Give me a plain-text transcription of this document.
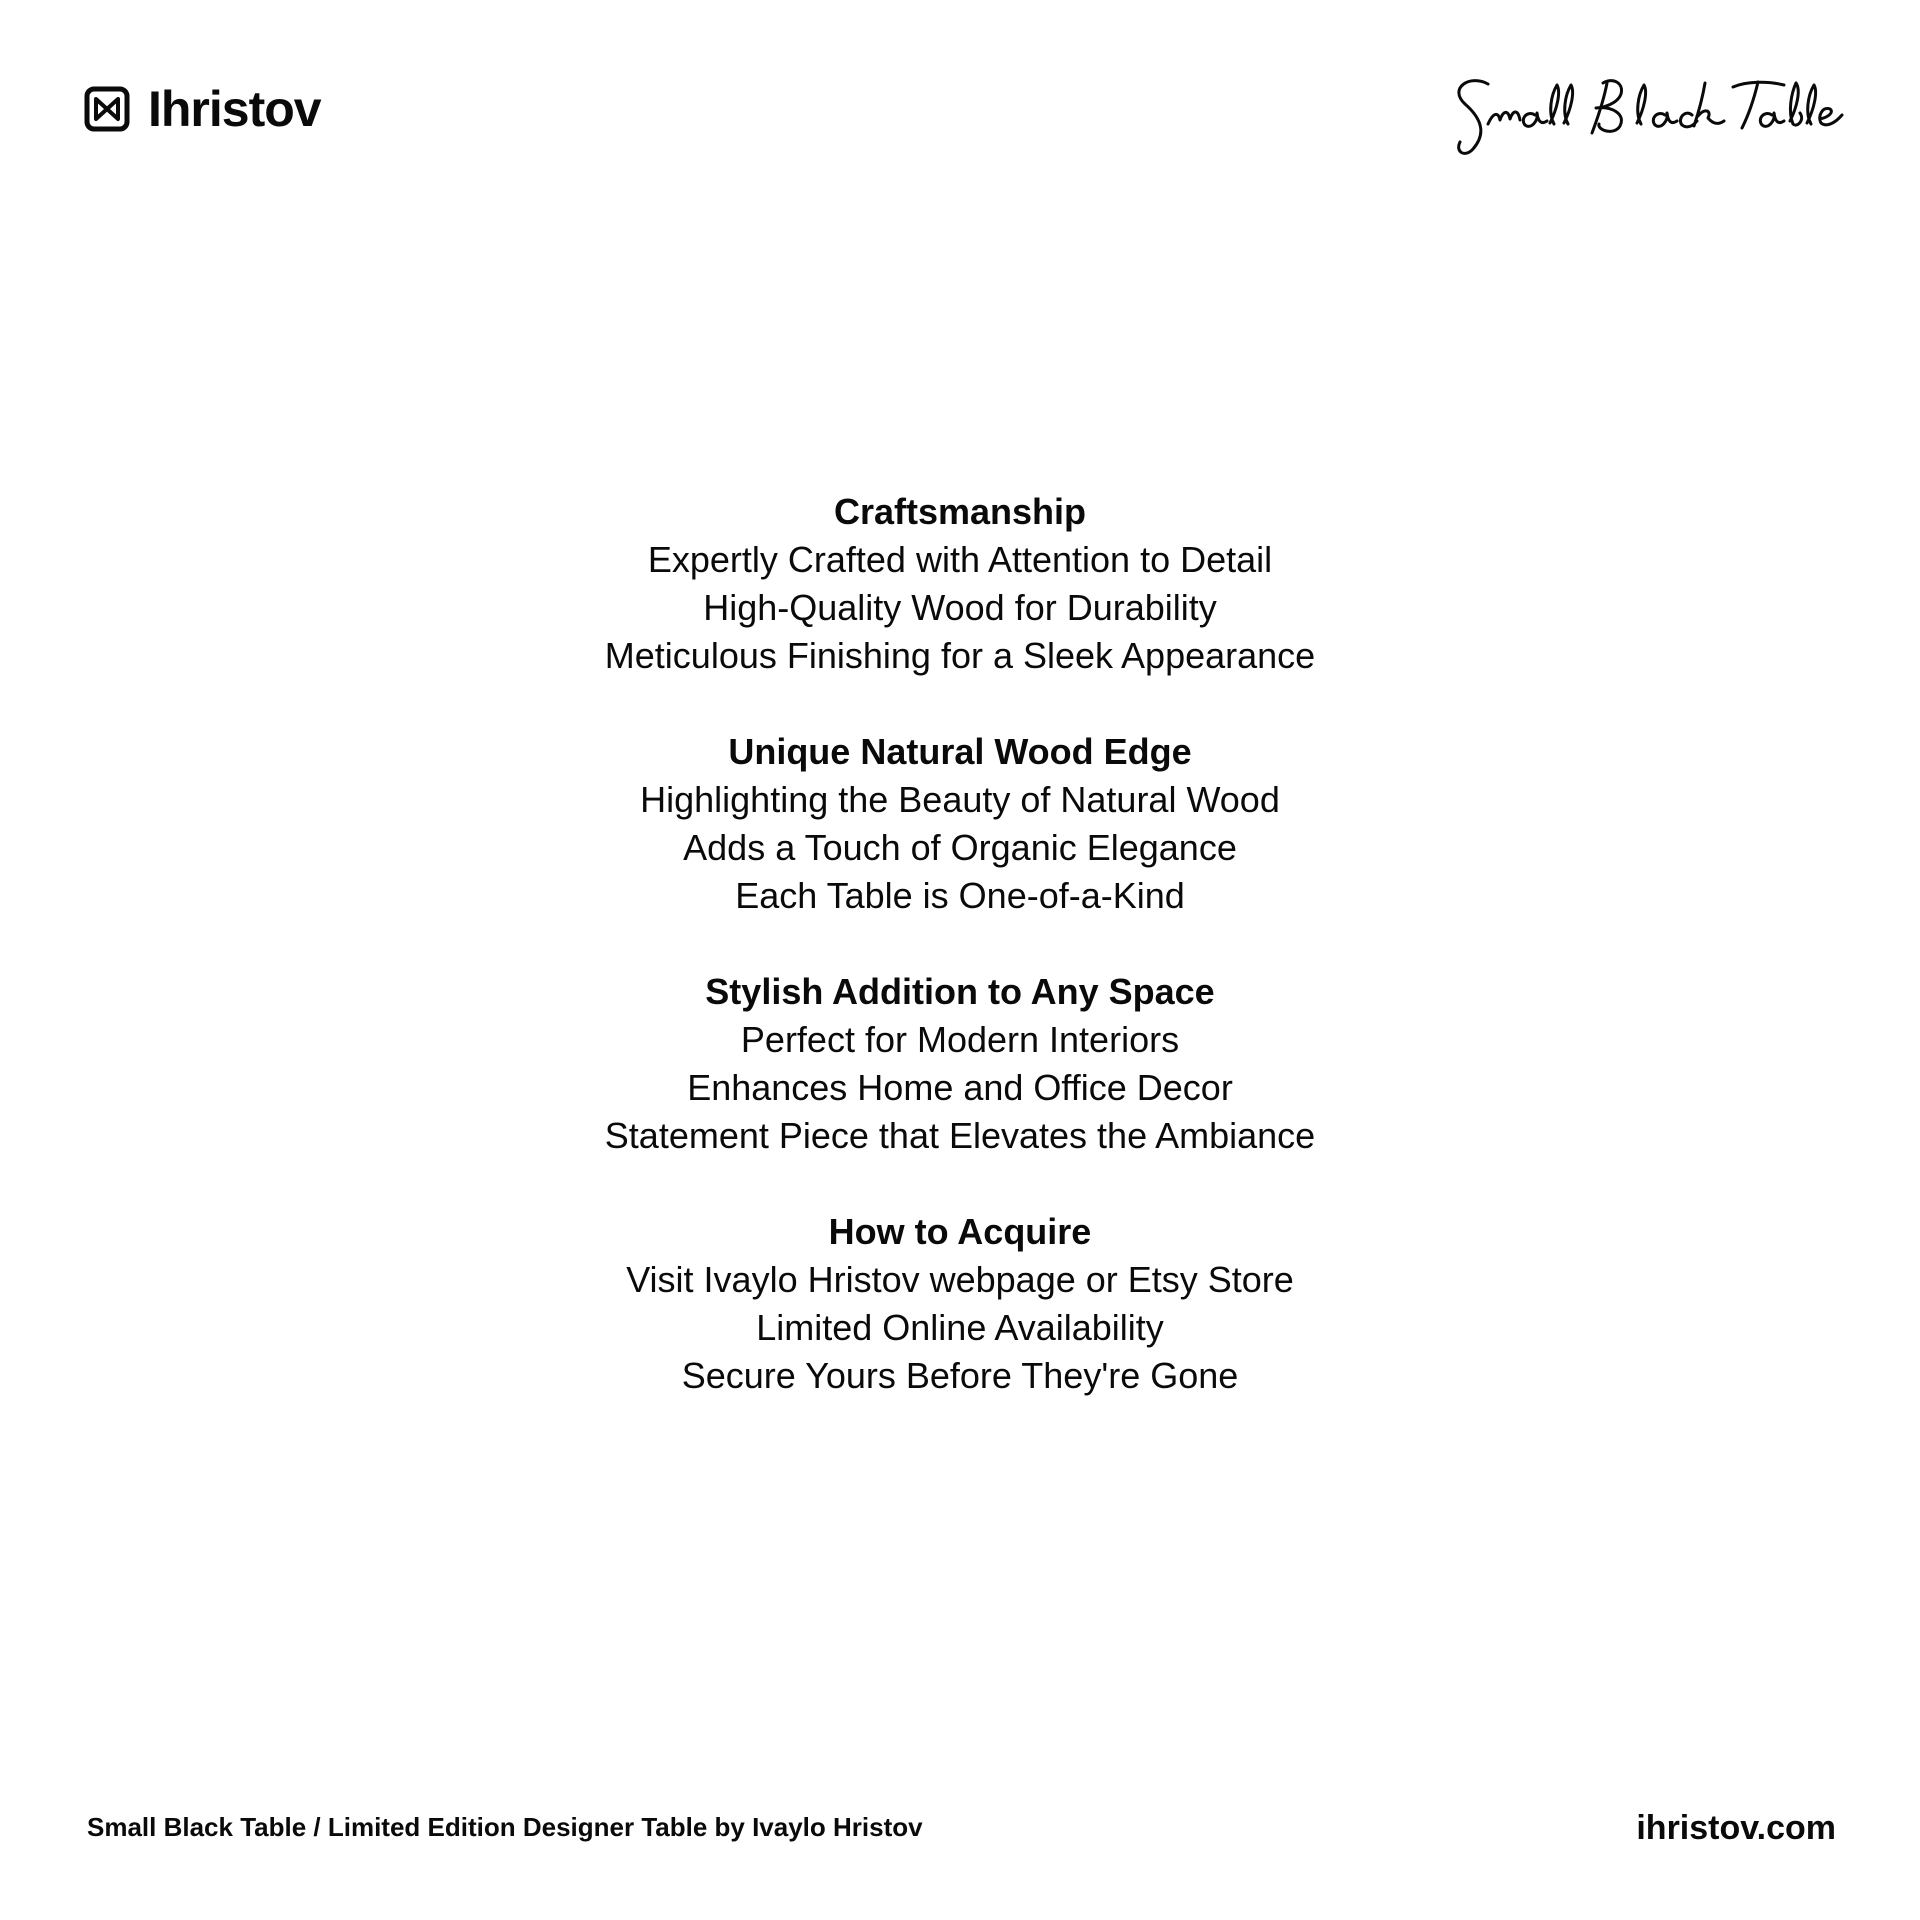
Ihristov

Craftsmanship

Expertly Crafted with Attention to Detail

High-Quality Wood for Durability

Meticulous Finishing for a Sleek Appearance

Unique Natural Wood Edge

Highlighting the Beauty of Natural Wood

Adds a Touch of Organic Elegance

Each Table is One-of-a-Kind

Stylish Addition to Any Space

Perfect for Modern Interiors

Enhances Home and Office Decor

Statement Piece that Elevates the Ambiance

How to Acquire

Visit Ivaylo Hristov webpage or Etsy Store

Limited Online Availability

Secure Yours Before They're Gone

Small Black Table / Limited Edition Designer Table by Ivaylo Hristov	ihristov.com
